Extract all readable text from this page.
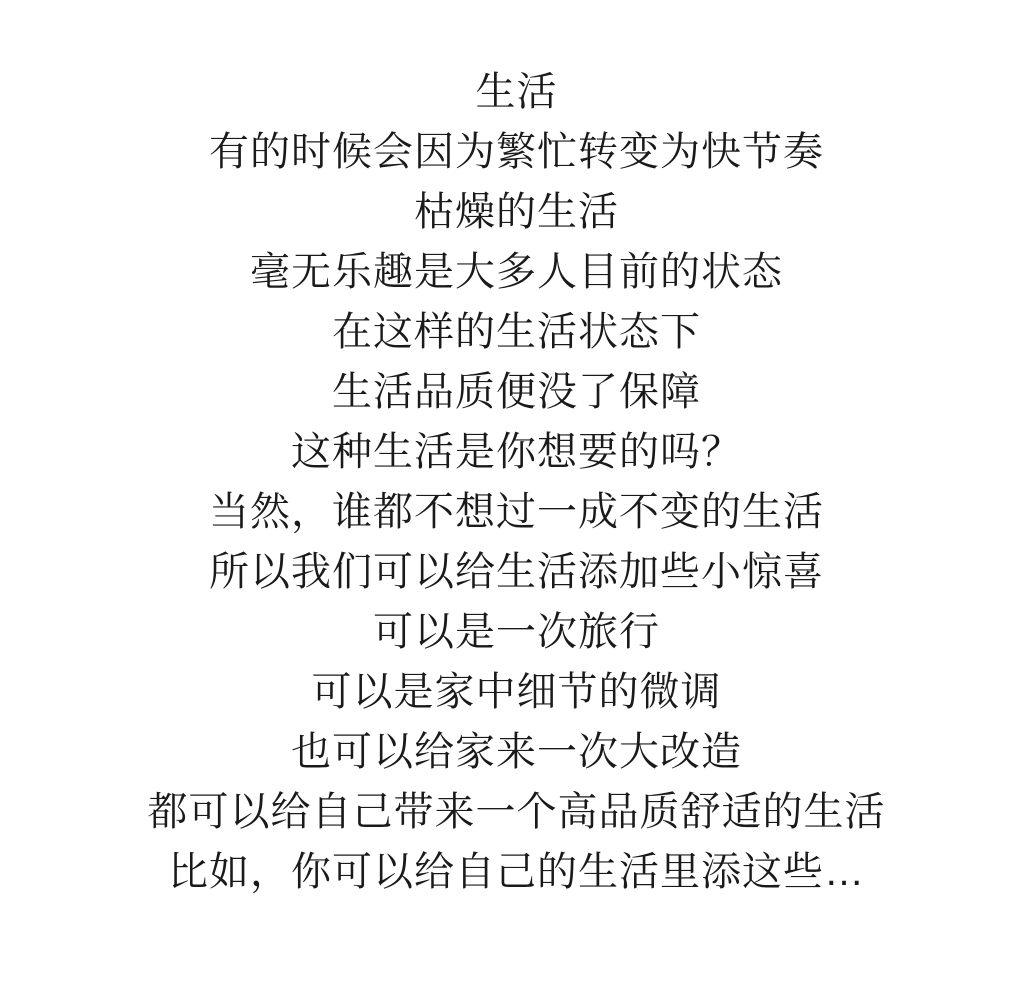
生活
有的时候会因为繁忙转变为快节奏
枯燥的生活
毫无乐趣是大多人目前的状态
在这样的生活状态下
生活品质便没了保障
这种生活是你想要的吗？
当然，谁都不想过一成不变的生活
所以我们可以给生活添加些小惊喜
可以是一次旅行
可以是家中细节的微调
也可以给家来一次大改造
都可以给自己带来一个高品质舒适的生活
比如，你可以给自己的生活里添这些…
